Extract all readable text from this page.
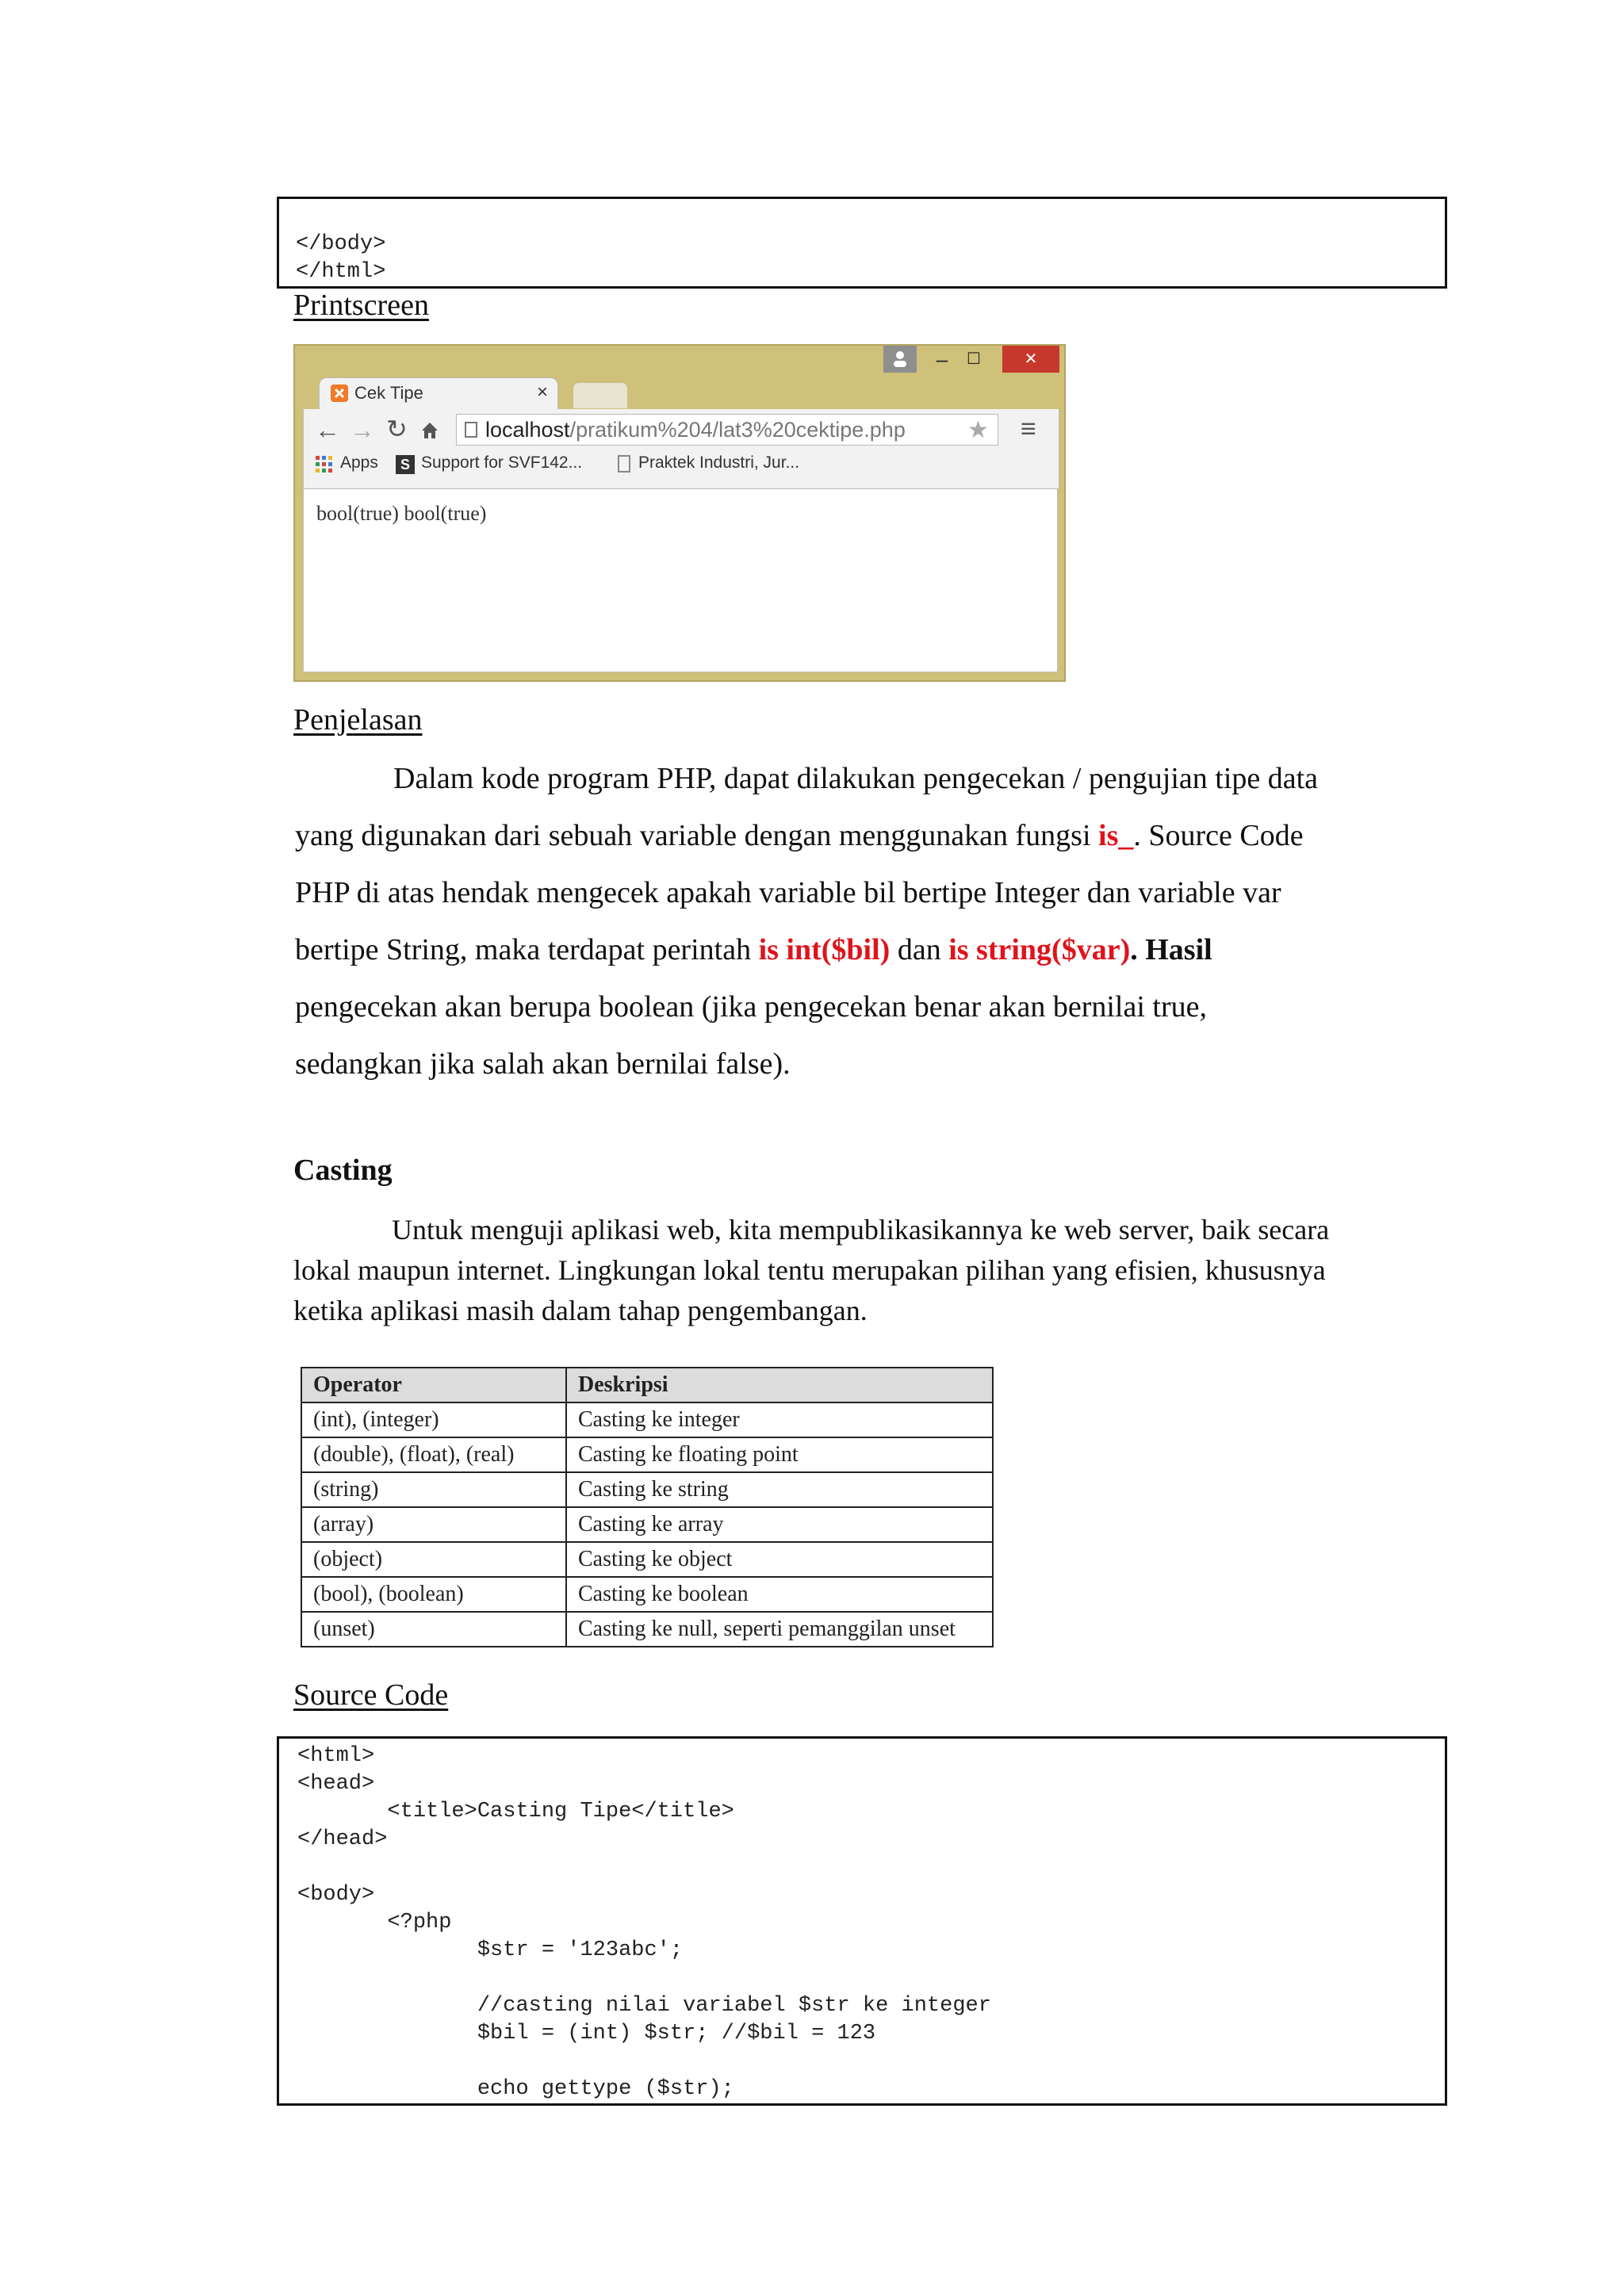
</body>
</html>
Printscreen
–	☐	✕
Cek Tipe	×
← → ↻	localhost/pratikum%204/lat3%20cektipe.php	★ ≡
Apps	S Support for SVF142...	Praktek Industri, Jur...
bool(true) bool(true)
Penjelasan
Dalam kode program PHP, dapat dilakukan pengecekan / pengujian tipe data
yang digunakan dari sebuah variable dengan menggunakan fungsi is_. Source Code
PHP di atas hendak mengecek apakah variable bil bertipe Integer dan variable var
bertipe String, maka terdapat perintah is int($bil) dan is string($var). Hasil
pengecekan akan berupa boolean (jika pengecekan benar akan bernilai true,
sedangkan jika salah akan bernilai false).
Casting
Untuk menguji aplikasi web, kita mempublikasikannya ke web server, baik secara
lokal maupun internet. Lingkungan lokal tentu merupakan pilihan yang efisien, khususnya
ketika aplikasi masih dalam tahap pengembangan.
Operator	Deskripsi
(int), (integer)	Casting ke integer
(double), (float), (real)	Casting ke floating point
(string)	Casting ke string
(array)	Casting ke array
(object)	Casting ke object
(bool), (boolean)	Casting ke boolean
(unset)	Casting ke null, seperti pemanggilan unset
Source Code
<html>
<head>
<title>Casting Tipe</title>
</head>
<body>
<?php
$str = '123abc';
//casting nilai variabel $str ke integer
$bil = (int) $str; //$bil = 123
echo gettype ($str);
